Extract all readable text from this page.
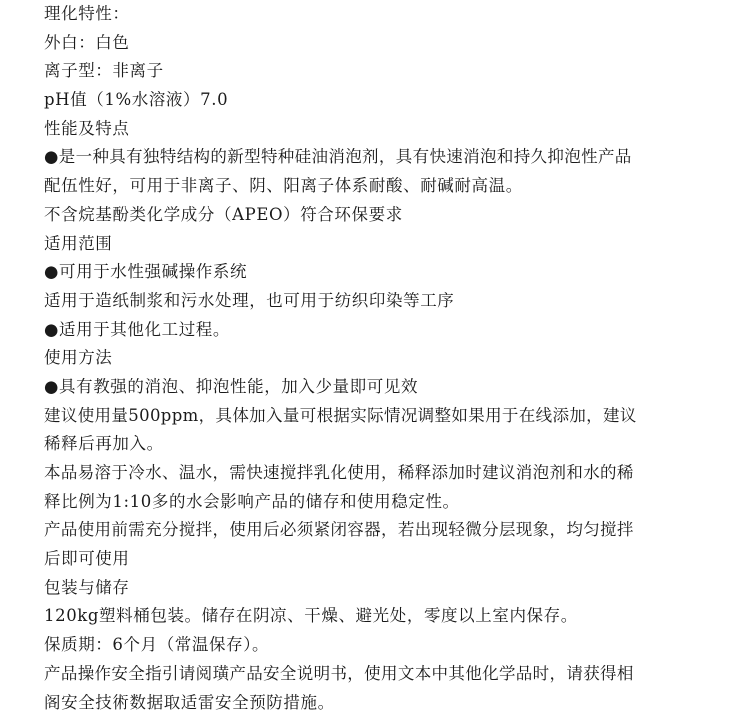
理化特性：
外白：白色
离子型：非离子
pH值（1%水溶液）7.0
性能及特点
●是一种具有独特结构的新型特种硅油消泡剂，具有快速消泡和持久抑泡性产品
配伍性好，可用于非离子、阴、阳离子体系耐酸、耐碱耐高温。
不含烷基酚类化学成分（APEO）符合环保要求
适用范围
●可用于水性强碱操作系统
适用于造纸制浆和污水处理，也可用于纺织印染等工序
●适用于其他化工过程。
使用方法
●具有教强的消泡、抑泡性能，加入少量即可见效
建议使用量500ppm，具体加入量可根据实际情况调整如果用于在线添加，建议
稀释后再加入。
本品易溶于冷水、温水，需快速搅拌乳化使用，稀释添加时建议消泡剂和水的稀
释比例为1:10多的水会影响产品的储存和使用稳定性。
产品使用前需充分搅拌，使用后必须紧闭容器，若出现轻微分层现象，均匀搅拌
后即可使用
包装与储存
120kg塑料桶包装。储存在阴凉、干燥、避光处，零度以上室内保存。
保质期：6个月（常温保存）。
产品操作安全指引请阅璜产品安全说明书，使用文本中其他化学品时，请获得相
阁安全技術数据取适雷安全预防措施。
